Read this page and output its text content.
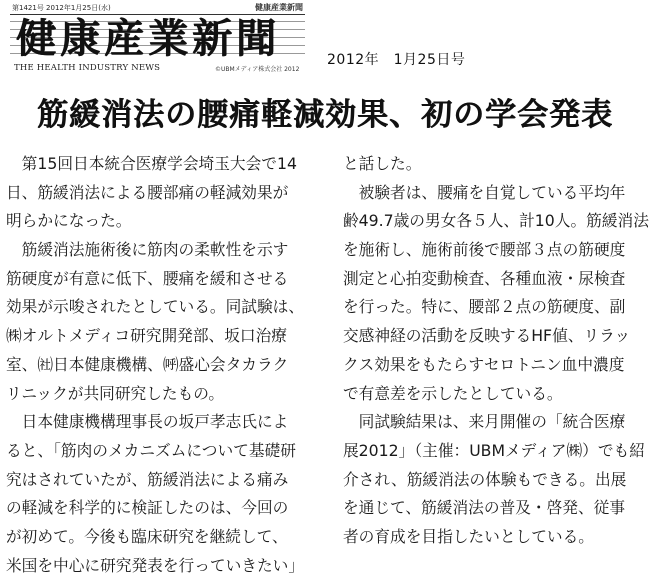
第1421号 2012年1月25日(水)	健康産業新聞
健康産業新聞
THE HEALTH INDUSTRY NEWS	©UBMメディア株式会社 2012
2012年　1月25日号
筋緩消法の腰痛軽減効果、初の学会発表
　第15回日本統合医療学会埼玉大会で14
日、筋緩消法による腰部痛の軽減効果が
明らかになった。
　筋緩消法施術後に筋肉の柔軟性を示す
筋硬度が有意に低下、腰痛を緩和させる
効果が示唆されたとしている。同試験は、
㈱オルトメディコ研究開発部、坂口治療
室、㈳日本健康機構、㈺盛心会タカラク
リニックが共同研究したもの。
　日本健康機構理事長の坂戸孝志氏によ
ると、「筋肉のメカニズムについて基礎研
究はされていたが、筋緩消法による痛み
の軽減を科学的に検証したのは、今回の
が初めて。今後も臨床研究を継続して、
米国を中心に研究発表を行っていきたい」
と話した。
　被験者は、腰痛を自覚している平均年
齢49.7歳の男女各５人、計10人。筋緩消法
を施術し、施術前後で腰部３点の筋硬度
測定と心拍変動検査、各種血液・尿検査
を行った。特に、腰部２点の筋硬度、副
交感神経の活動を反映するHF値、リラッ
クス効果をもたらすセロトニン血中濃度
で有意差を示したとしている。
　同試験結果は、来月開催の「統合医療
展2012」（主催：UBMメディア㈱）でも紹
介され、筋緩消法の体験もできる。出展
を通じて、筋緩消法の普及・啓発、従事
者の育成を目指したいとしている。
